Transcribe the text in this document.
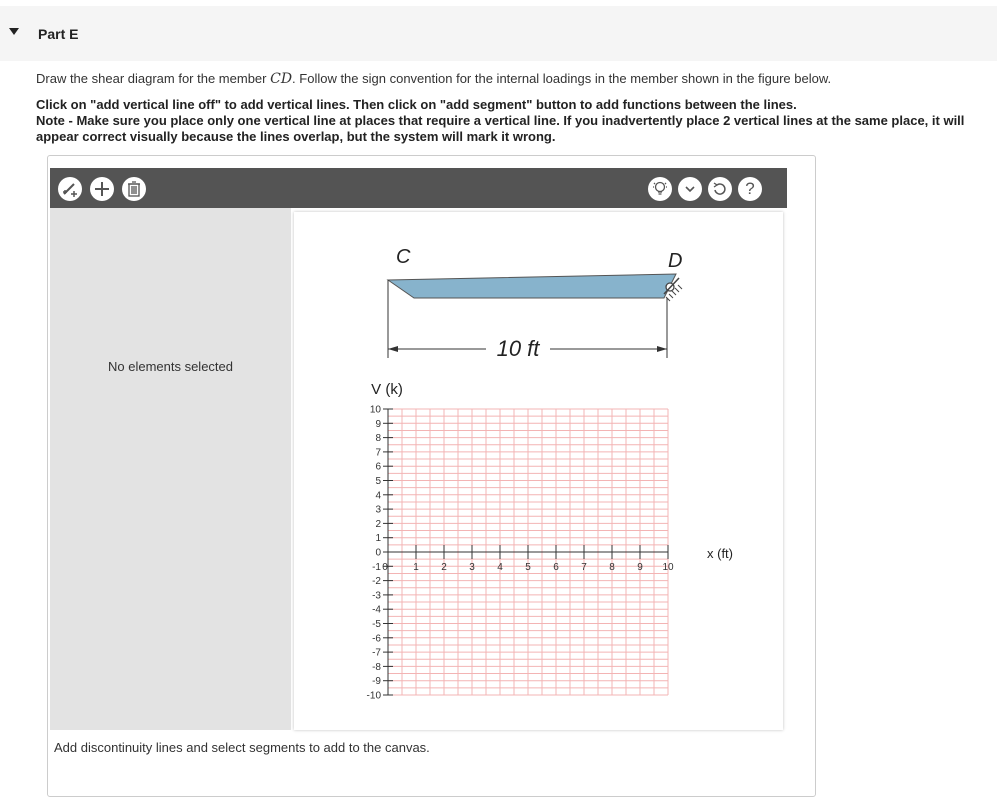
Part E
Draw the shear diagram for the member CD. Follow the sign convention for the internal loadings in the member shown in the figure below.
Click on "add vertical line off" to add vertical lines. Then click on "add segment" button to add functions between the lines.
Note - Make sure you place only one vertical line at places that require a vertical line. If you inadvertently place 2 vertical lines at the same place, it will appear correct visually because the lines overlap, but the system will mark it wrong.
?
No elements selected
C	D
10 ft
V (k)
x (ft)
10
9
8
7
6
5
4
3
2
1
0
-1
-2
-3
-4
-5
-6
-7
-8
-9
-10
0	1 2 3 4 5 6 7 8 9 10
Add discontinuity lines and select segments to add to the canvas.
